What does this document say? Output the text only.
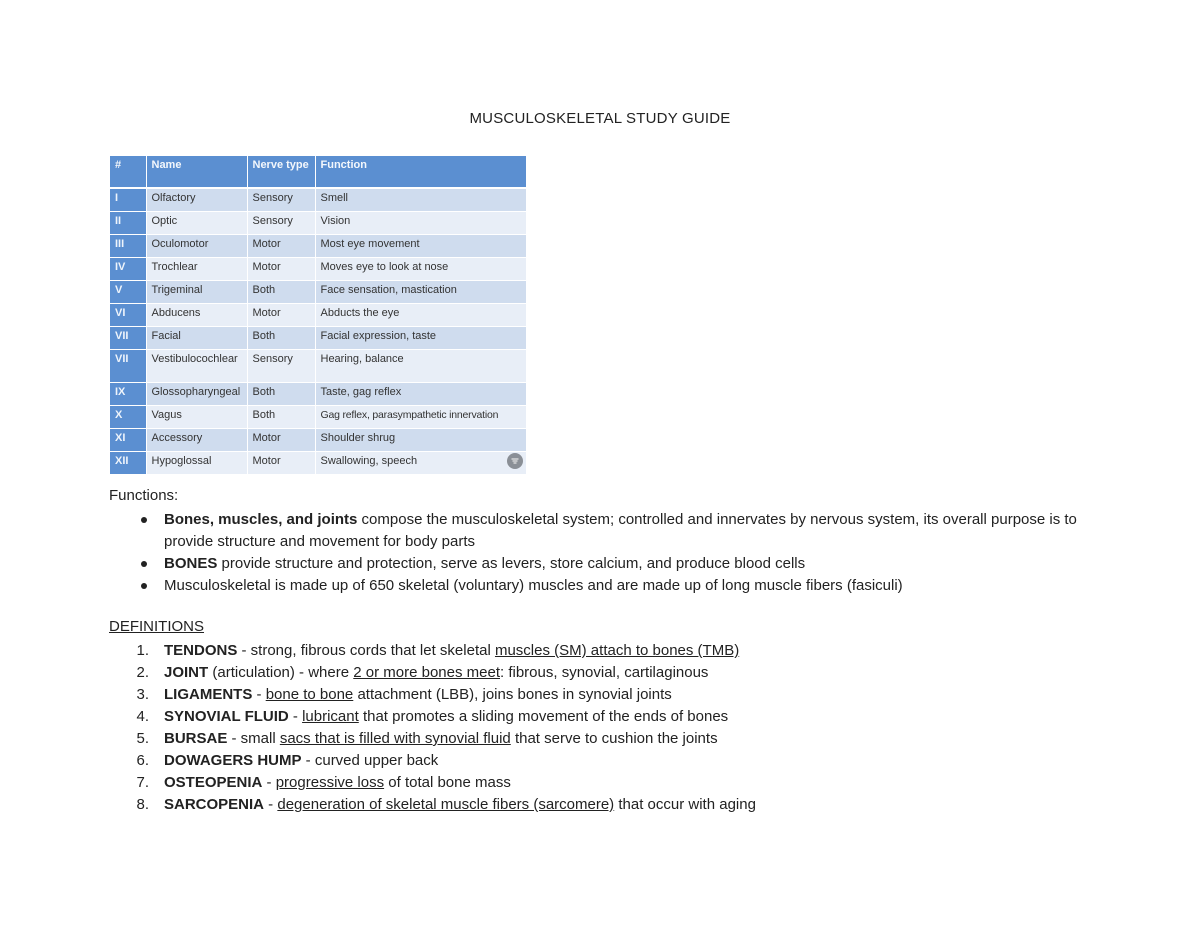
MUSCULOSKELETAL STUDY GUIDE
#	Name	Nerve type	Function
I	Olfactory	Sensory	Smell
II	Optic	Sensory	Vision
III	Oculomotor	Motor	Most eye movement
IV	Trochlear	Motor	Moves eye to look at nose
V	Trigeminal	Both	Face sensation, mastication
VI	Abducens	Motor	Abducts the eye
VII	Facial	Both	Facial expression, taste
VII	Vestibulocochlear	Sensory	Hearing, balance
IX	Glossopharyngeal	Both	Taste, gag reflex
X	Vagus	Both	Gag reflex, parasympathetic innervation
XI	Accessory	Motor	Shoulder shrug
XII	Hypoglossal	Motor	Swallowing, speech
Functions:
Bones, muscles, and joints compose the musculoskeletal system; controlled and innervates by nervous system, its overall purpose is to provide structure and movement for body parts
BONES provide structure and protection, serve as levers, store calcium, and produce blood cells
Musculoskeletal is made up of 650 skeletal (voluntary) muscles and are made up of long muscle fibers (fasiculi)
DEFINITIONS
1. TENDONS - strong, fibrous cords that let skeletal muscles (SM) attach to bones (TMB)
2. JOINT (articulation) - where 2 or more bones meet: fibrous, synovial, cartilaginous
3. LIGAMENTS - bone to bone attachment (LBB), joins bones in synovial joints
4. SYNOVIAL FLUID - lubricant that promotes a sliding movement of the ends of bones
5. BURSAE - small sacs that is filled with synovial fluid that serve to cushion the joints
6. DOWAGERS HUMP - curved upper back
7. OSTEOPENIA - progressive loss of total bone mass
8. SARCOPENIA - degeneration of skeletal muscle fibers (sarcomere) that occur with aging
